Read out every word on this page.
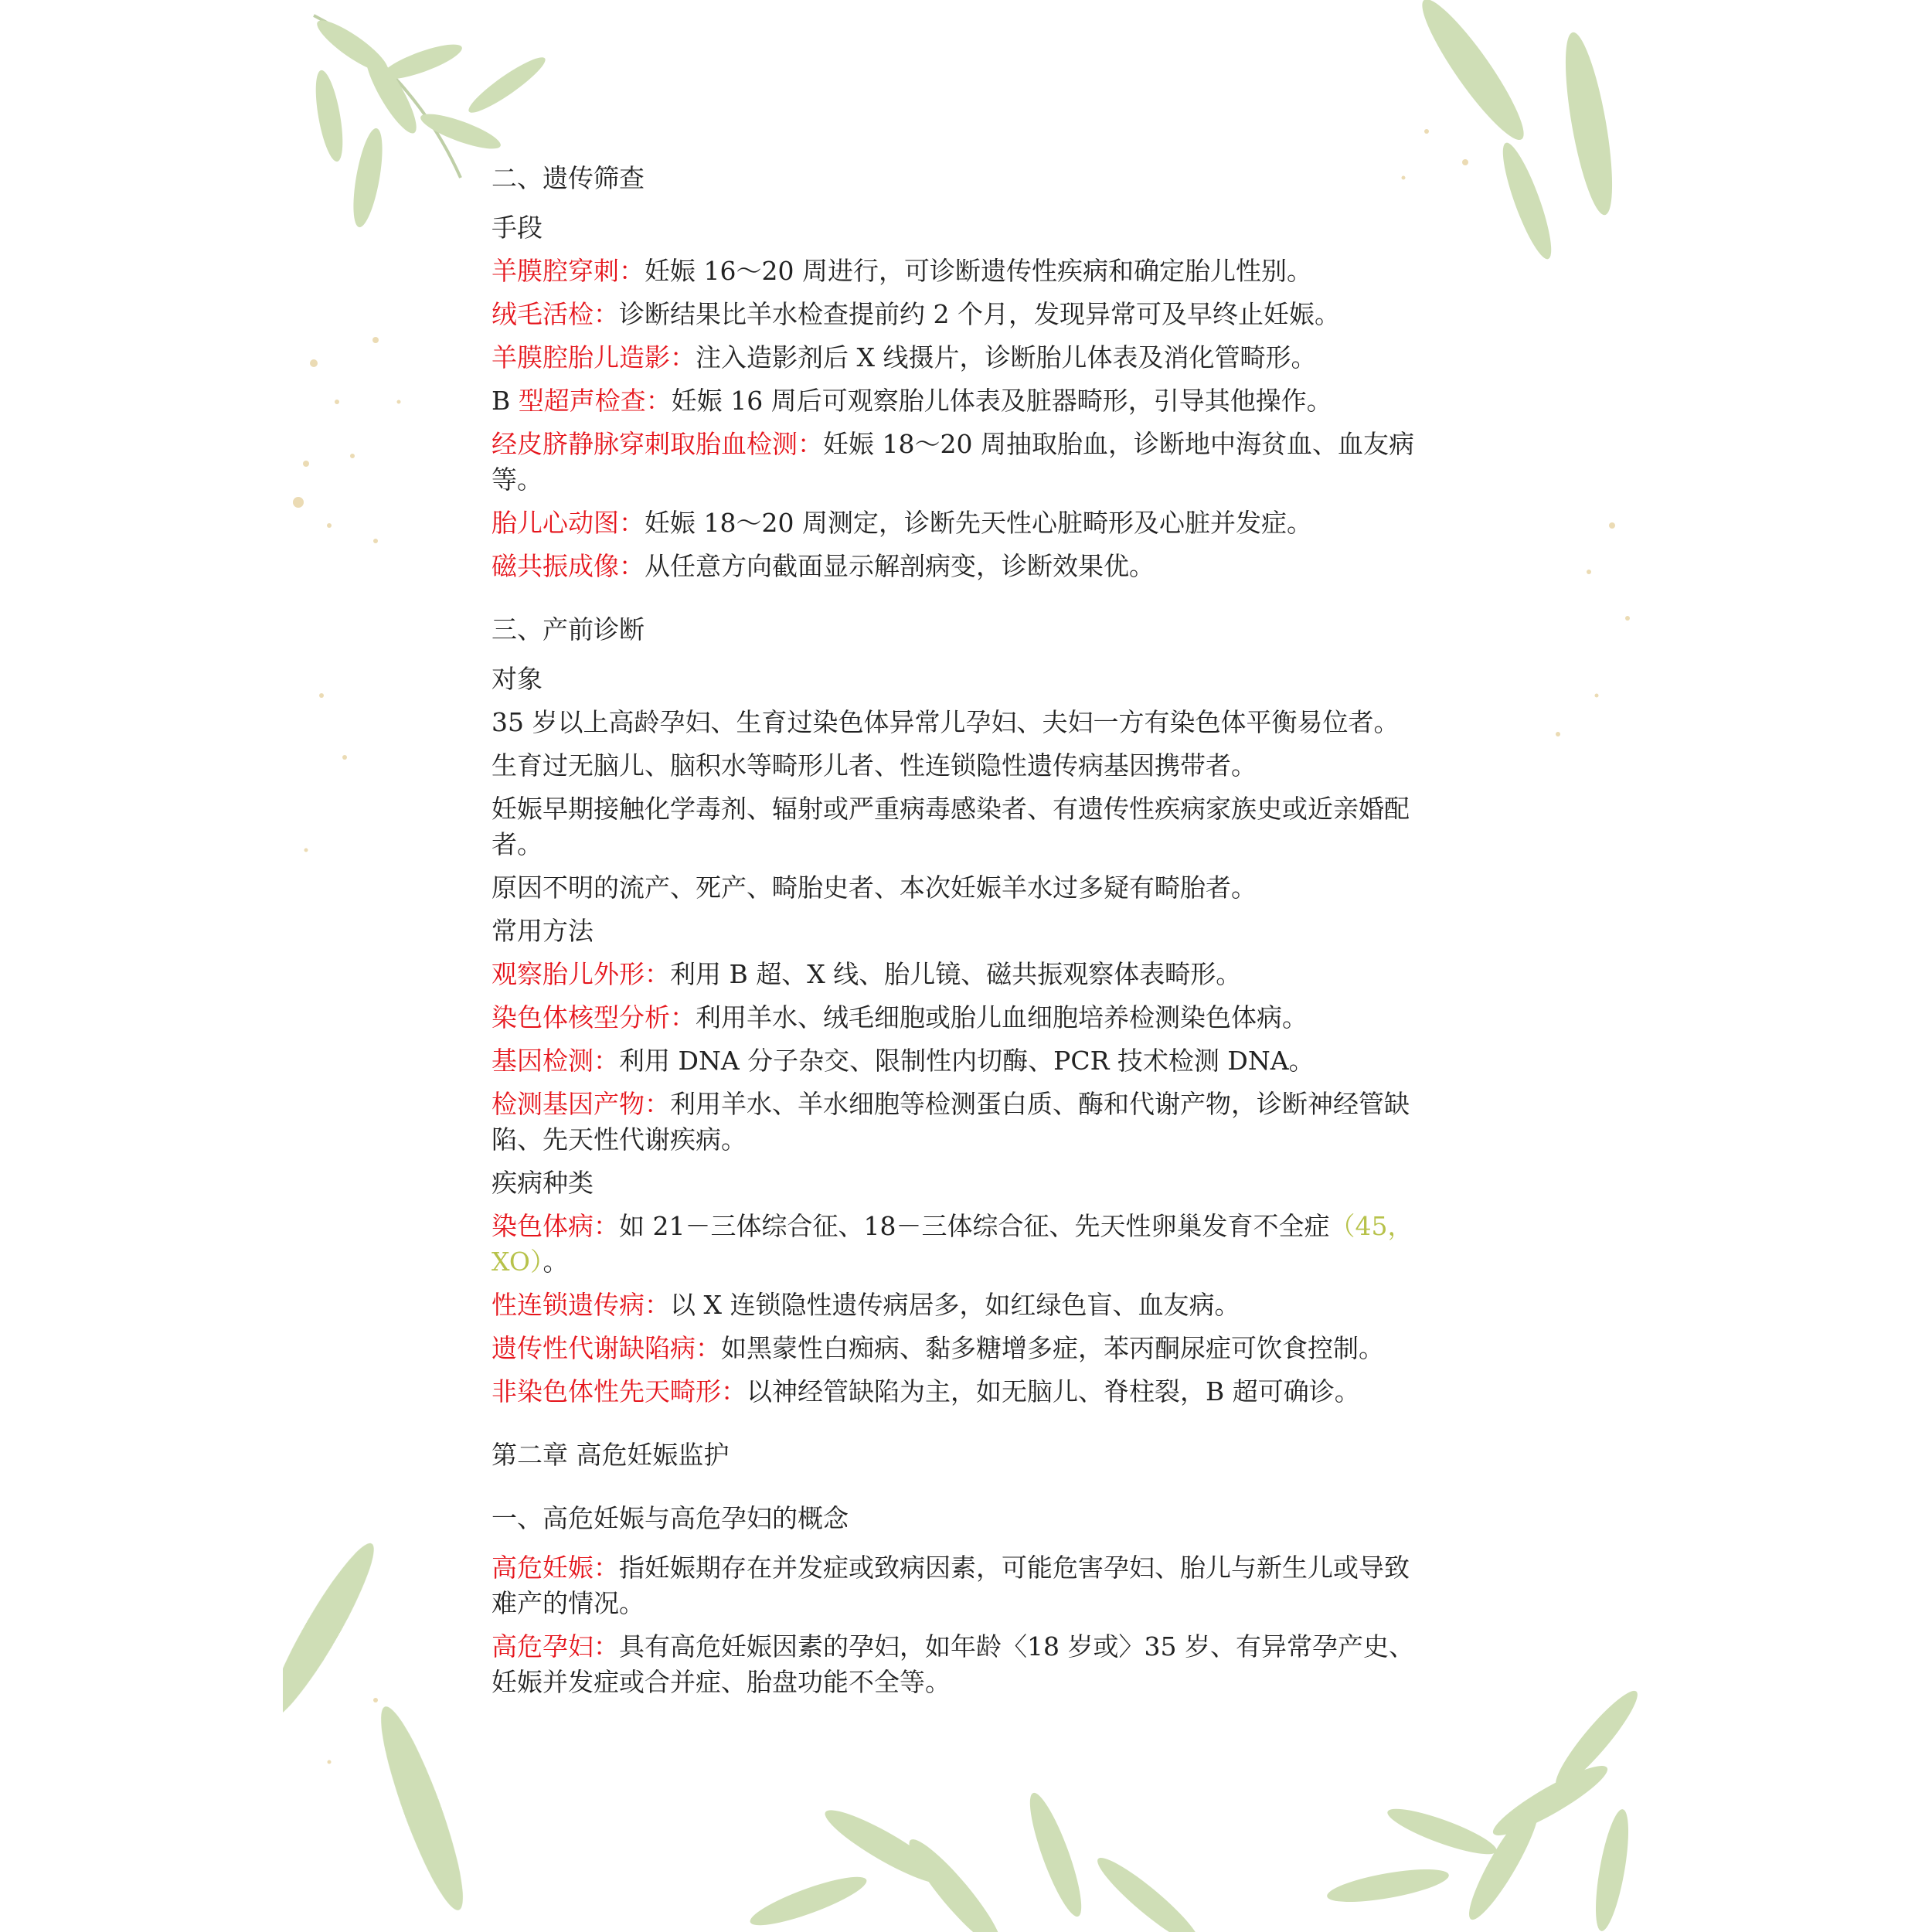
二、遗传筛查
手段
羊膜腔穿刺：妊娠 16～20 周进行，可诊断遗传性疾病和确定胎儿性别。
绒毛活检：诊断结果比羊水检查提前约 2 个月，发现异常可及早终止妊娠。
羊膜腔胎儿造影：注入造影剂后 X 线摄片，诊断胎儿体表及消化管畸形。
B 型超声检查：妊娠 16 周后可观察胎儿体表及脏器畸形，引导其他操作。
经皮脐静脉穿刺取胎血检测：妊娠 18～20 周抽取胎血，诊断地中海贫血、血友病等。
胎儿心动图：妊娠 18～20 周测定，诊断先天性心脏畸形及心脏并发症。
磁共振成像：从任意方向截面显示解剖病变，诊断效果优。
三、产前诊断
对象
35 岁以上高龄孕妇、生育过染色体异常儿孕妇、夫妇一方有染色体平衡易位者。
生育过无脑儿、脑积水等畸形儿者、性连锁隐性遗传病基因携带者。
妊娠早期接触化学毒剂、辐射或严重病毒感染者、有遗传性疾病家族史或近亲婚配者。
原因不明的流产、死产、畸胎史者、本次妊娠羊水过多疑有畸胎者。
常用方法
观察胎儿外形：利用 B 超、X 线、胎儿镜、磁共振观察体表畸形。
染色体核型分析：利用羊水、绒毛细胞或胎儿血细胞培养检测染色体病。
基因检测：利用 DNA 分子杂交、限制性内切酶、PCR 技术检测 DNA。
检测基因产物：利用羊水、羊水细胞等检测蛋白质、酶和代谢产物，诊断神经管缺陷、先天性代谢疾病。
疾病种类
染色体病：如 21－三体综合征、18－三体综合征、先天性卵巢发育不全症（45，XO）。
性连锁遗传病：以 X 连锁隐性遗传病居多，如红绿色盲、血友病。
遗传性代谢缺陷病：如黑蒙性白痴病、黏多糖增多症，苯丙酮尿症可饮食控制。
非染色体性先天畸形：以神经管缺陷为主，如无脑儿、脊柱裂，B 超可确诊。
第二章 高危妊娠监护
一、高危妊娠与高危孕妇的概念
高危妊娠：指妊娠期存在并发症或致病因素，可能危害孕妇、胎儿与新生儿或导致难产的情况。
高危孕妇：具有高危妊娠因素的孕妇，如年龄〈18 岁或〉35 岁、有异常孕产史、妊娠并发症或合并症、胎盘功能不全等。
